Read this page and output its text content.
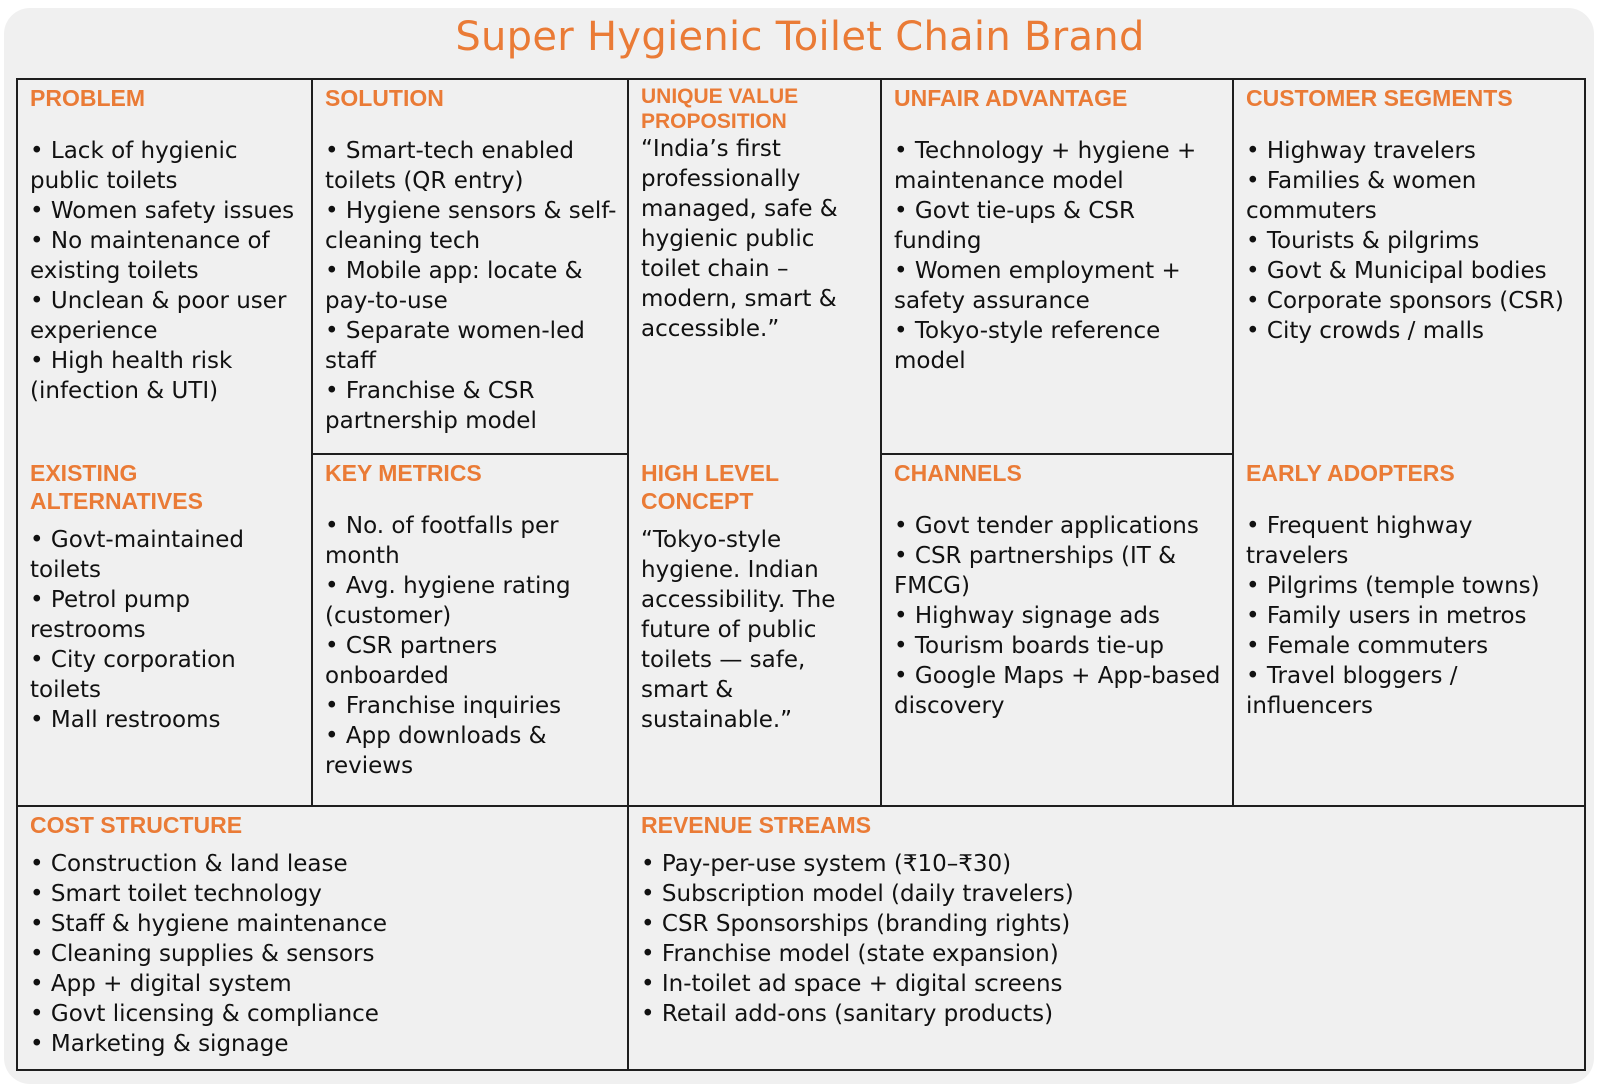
Super Hygienic Toilet Chain Brand
PROBLEM
• Lack of hygienic public toilets
• Women safety issues
• No maintenance of existing toilets
• Unclean & poor user experience
• High health risk (infection & UTI)
EXISTING ALTERNATIVES
• Govt-maintained toilets
• Petrol pump restrooms
• City corporation toilets
• Mall restrooms
SOLUTION
• Smart-tech enabled toilets (QR entry)
• Hygiene sensors & self-cleaning tech
• Mobile app: locate & pay-to-use
• Separate women-led staff
• Franchise & CSR partnership model
KEY METRICS
• No. of footfalls per month
• Avg. hygiene rating (customer)
• CSR partners onboarded
• Franchise inquiries
• App downloads & reviews
UNIQUE VALUE PROPOSITION
“India’s first professionally managed, safe & hygienic public toilet chain – modern, smart & accessible.”
HIGH LEVEL CONCEPT
“Tokyo-style hygiene. Indian accessibility. The future of public toilets — safe, smart & sustainable.”
UNFAIR ADVANTAGE
• Technology + hygiene + maintenance model
• Govt tie-ups & CSR funding
• Women employment + safety assurance
• Tokyo-style reference model
CHANNELS
• Govt tender applications
• CSR partnerships (IT & FMCG)
• Highway signage ads
• Tourism boards tie-up
• Google Maps + App-based discovery
CUSTOMER SEGMENTS
• Highway travelers
• Families & women commuters
• Tourists & pilgrims
• Govt & Municipal bodies
• Corporate sponsors (CSR)
• City crowds / malls
EARLY ADOPTERS
• Frequent highway travelers
• Pilgrims (temple towns)
• Family users in metros
• Female commuters
• Travel bloggers / influencers
COST STRUCTURE
• Construction & land lease
• Smart toilet technology
• Staff & hygiene maintenance
• Cleaning supplies & sensors
• App + digital system
• Govt licensing & compliance
• Marketing & signage
REVENUE STREAMS
• Pay-per-use system (₹10–₹30)
• Subscription model (daily travelers)
• CSR Sponsorships (branding rights)
• Franchise model (state expansion)
• In-toilet ad space + digital screens
• Retail add-ons (sanitary products)
